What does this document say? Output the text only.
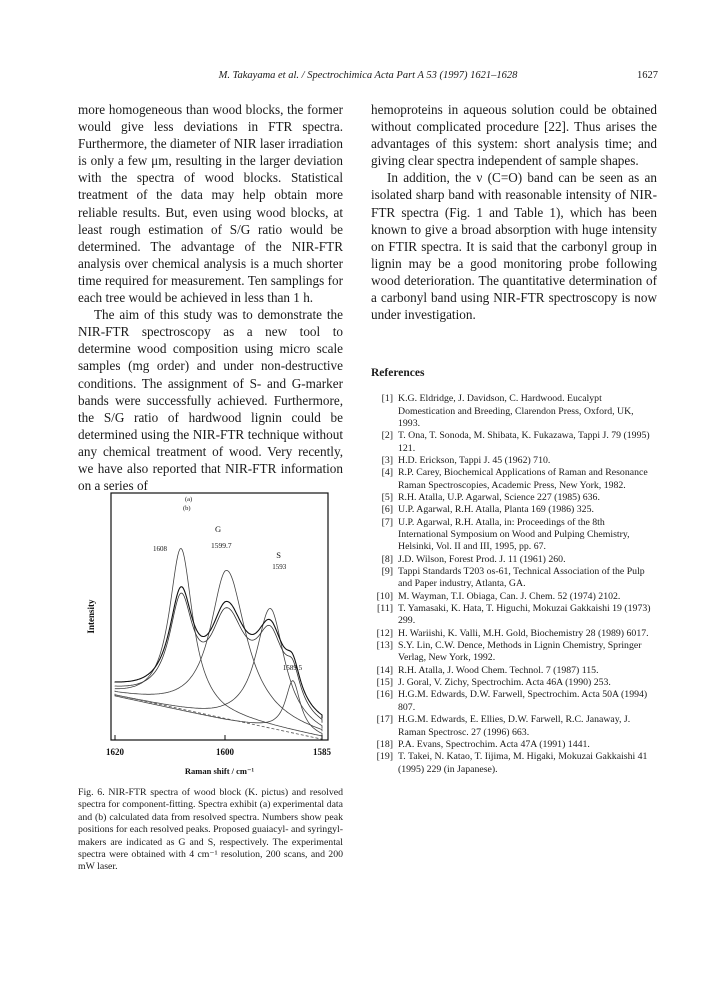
M. Takayama et al. / Spectrochimica Acta Part A 53 (1997) 1621–1628	1627

more homogeneous than wood blocks, the former would give less deviations in FTR spectra. Furthermore, the diameter of NIR laser irradiation is only a few μm, resulting in the larger deviation with the spectra of wood blocks. Statistical treatment of the data may help obtain more reliable results. But, even using wood blocks, at least rough estimation of S/G ratio would be determined. The advantage of the NIR-FTR analysis over chemical analysis is a much shorter time required for measurement. Ten samplings for each tree would be achieved in less than 1 h.

The aim of this study was to demonstrate the NIR-FTR spectroscopy as a new tool to determine wood composition using micro scale samples (mg order) and under non-destructive conditions. The assignment of S- and G-marker bands were successfully achieved. Furthermore, the S/G ratio of hardwood lignin could be determined using the NIR-FTR technique without any chemical treatment of wood. Very recently, we have also reported that NIR-FTR information on a series of

hemoproteins in aqueous solution could be obtained without complicated procedure [22]. Thus arises the advantages of this system: short analysis time; and giving clear spectra independent of sample shapes.

In addition, the ν (C=O) band can be seen as an isolated sharp band with reasonable intensity of NIR-FTR spectra (Fig. 1 and Table 1), which has been known to give a broad absorption with huge intensity on FTIR spectra. It is said that the carbonyl group in lignin may be a good monitoring probe following wood deterioration. The quantitative determination of a carbonyl band using NIR-FTR spectroscopy is now under investigation.

References
[1] K.G. Eldridge, J. Davidson, C. Hardwood. Eucalypt Domestication and Breeding, Clarendon Press, Oxford, UK, 1993.
[2] T. Ona, T. Sonoda, M. Shibata, K. Fukazawa, Tappi J. 79 (1995) 121.
[3] H.D. Erickson, Tappi J. 45 (1962) 710.
[4] R.P. Carey, Biochemical Applications of Raman and Resonance Raman Spectroscopies, Academic Press, New York, 1982.
[5] R.H. Atalla, U.P. Agarwal, Science 227 (1985) 636.
[6] U.P. Agarwal, R.H. Atalla, Planta 169 (1986) 325.
[7] U.P. Agarwal, R.H. Atalla, in: Proceedings of the 8th International Symposium on Wood and Pulping Chemistry, Helsinki, Vol. II and III, 1995, pp. 67.
[8] J.D. Wilson, Forest Prod. J. 11 (1961) 260.
[9] Tappi Standards T203 os-61, Technical Association of the Pulp and Paper industry, Atlanta, GA.
[10] M. Wayman, T.I. Obiaga, Can. J. Chem. 52 (1974) 2102.
[11] T. Yamasaki, K. Hata, T. Higuchi, Mokuzai Gakkaishi 19 (1973) 299.
[12] H. Wariishi, K. Valli, M.H. Gold, Biochemistry 28 (1989) 6017.
[13] S.Y. Lin, C.W. Dence, Methods in Lignin Chemistry, Springer Verlag, New York, 1992.
[14] R.H. Atalla, J. Wood Chem. Technol. 7 (1987) 115.
[15] J. Goral, V. Zichy, Spectrochim. Acta 46A (1990) 253.
[16] H.G.M. Edwards, D.W. Farwell, Spectrochim. Acta 50A (1994) 807.
[17] H.G.M. Edwards, E. Ellies, D.W. Farwell, R.C. Janaway, J. Raman Spectrosc. 27 (1996) 663.
[18] P.A. Evans, Spectrochim. Acta 47A (1991) 1441.
[19] T. Takei, N. Katao, T. Iijima, M. Higaki, Mokuzai Gakkaishi 41 (1995) 229 (in Japanese).
(a)
(b)
1608
G
1599.7
S
1593
1589.5
1620	1600	1585
Raman shift / cm⁻¹
Intensity
Fig. 6. NIR-FTR spectra of wood block (K. pictus) and resolved spectra for component-fitting. Spectra exhibit (a) experimental data and (b) calculated data from resolved spectra. Numbers show peak positions for each resolved peaks. Proposed guaiacyl- and syringyl-makers are indicated as G and S, respectively. The experimental spectra were obtained with 4 cm⁻¹ resolution, 200 scans, and 200 mW laser.
